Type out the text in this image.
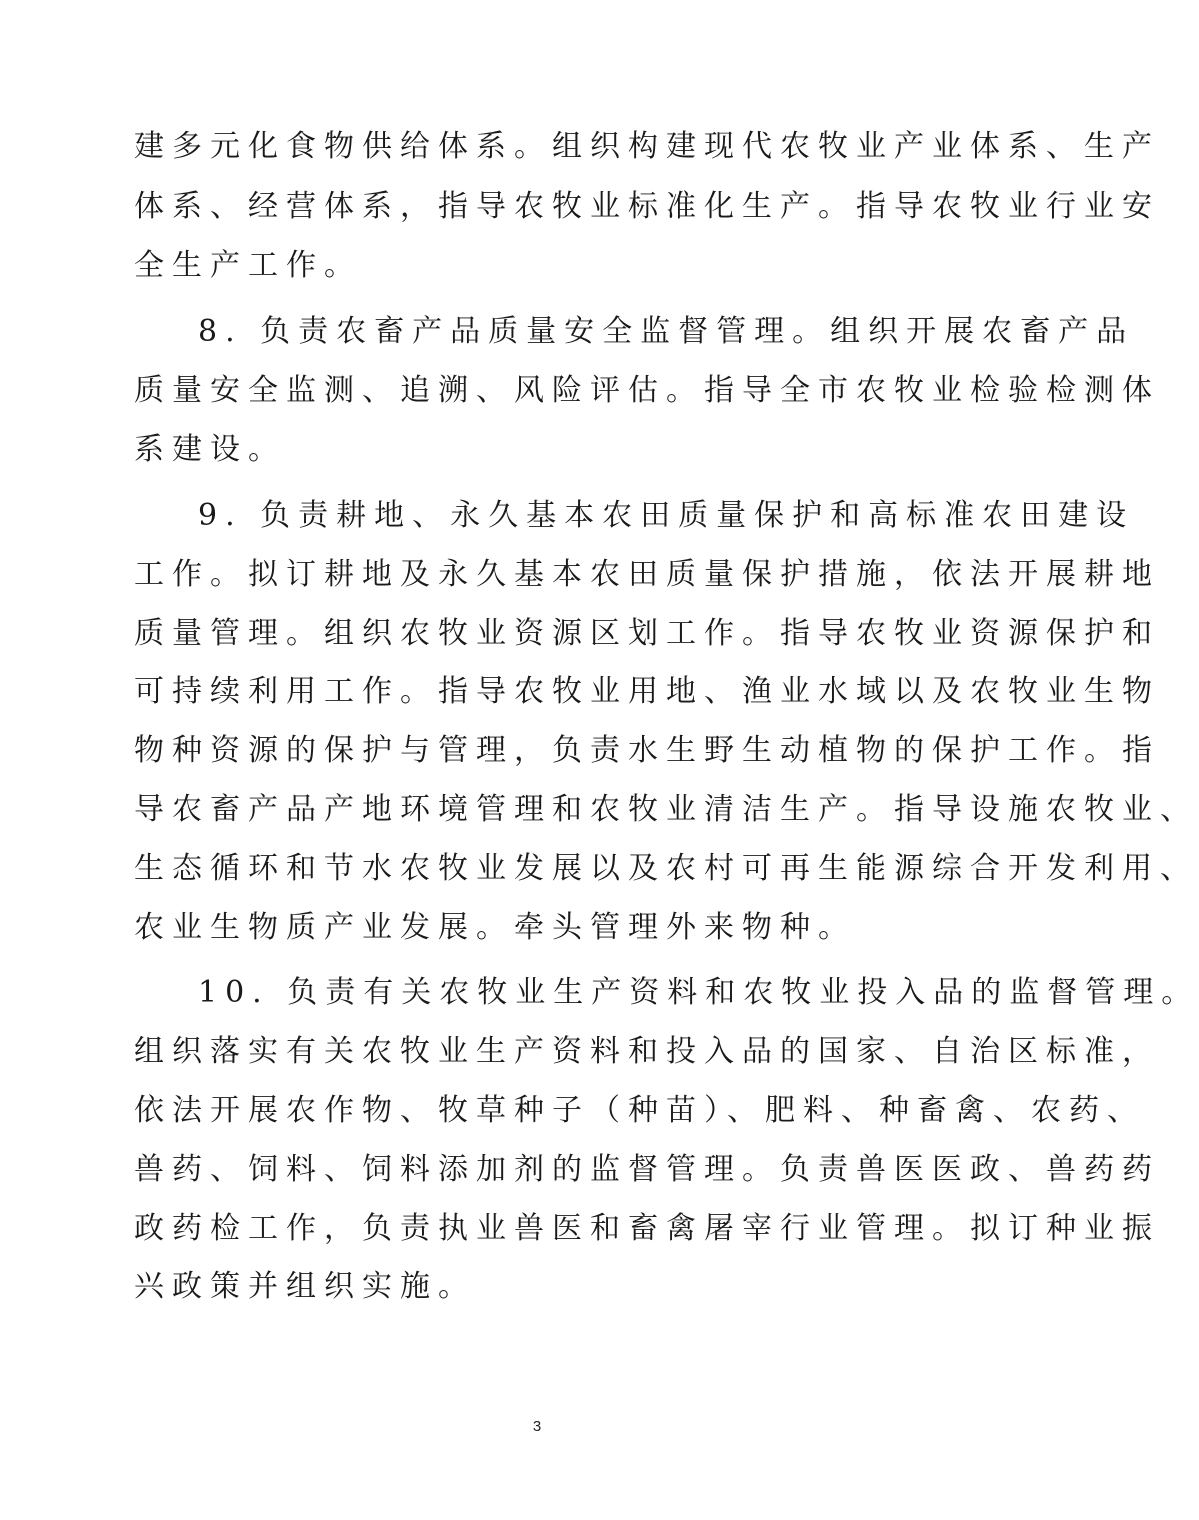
建多元化食物供给体系。组织构建现代农牧业产业体系、生产
体系、经营体系，指导农牧业标准化生产。指导农牧业行业安
全生产工作。
8. 负责农畜产品质量安全监督管理。组织开展农畜产品
质量安全监测、追溯、风险评估。指导全市农牧业检验检测体
系建设。
9. 负责耕地、永久基本农田质量保护和高标准农田建设
工作。拟订耕地及永久基本农田质量保护措施，依法开展耕地
质量管理。组织农牧业资源区划工作。指导农牧业资源保护和
可持续利用工作。指导农牧业用地、渔业水域以及农牧业生物
物种资源的保护与管理，负责水生野生动植物的保护工作。指
导农畜产品产地环境管理和农牧业清洁生产。指导设施农牧业、
生态循环和节水农牧业发展以及农村可再生能源综合开发利用、
农业生物质产业发展。牵头管理外来物种。
10. 负责有关农牧业生产资料和农牧业投入品的监督管理。
组织落实有关农牧业生产资料和投入品的国家、自治区标准，
依法开展农作物、牧草种子（种苗）、肥料、种畜禽、农药、
兽药、饲料、饲料添加剂的监督管理。负责兽医医政、兽药药
政药检工作，负责执业兽医和畜禽屠宰行业管理。拟订种业振
兴政策并组织实施。
3
